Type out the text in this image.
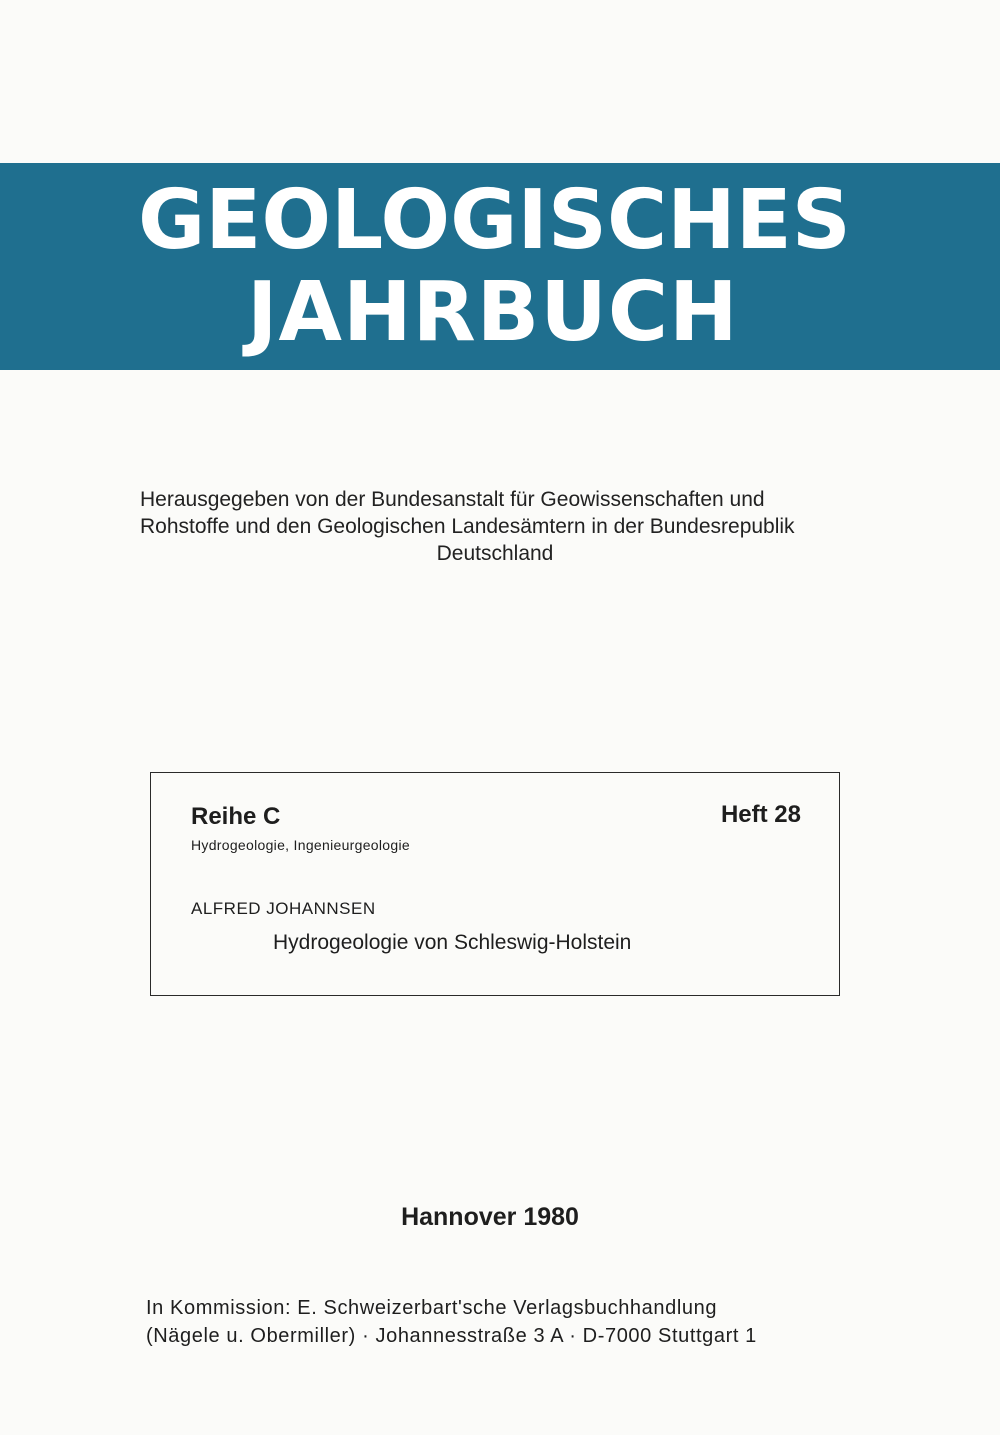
GEOLOGISCHES
JAHRBUCH
Herausgegeben von der Bundesanstalt für Geowissenschaften und
Rohstoffe und den Geologischen Landesämtern in der Bundesrepublik
Deutschland
Reihe C	Heft 28
Hydrogeologie, Ingenieurgeologie
ALFRED JOHANNSEN
Hydrogeologie von Schleswig-Holstein
Hannover 1980
In Kommission: E. Schweizerbart'sche Verlagsbuchhandlung
(Nägele u. Obermiller) · Johannesstraße 3 A · D-7000 Stuttgart 1
